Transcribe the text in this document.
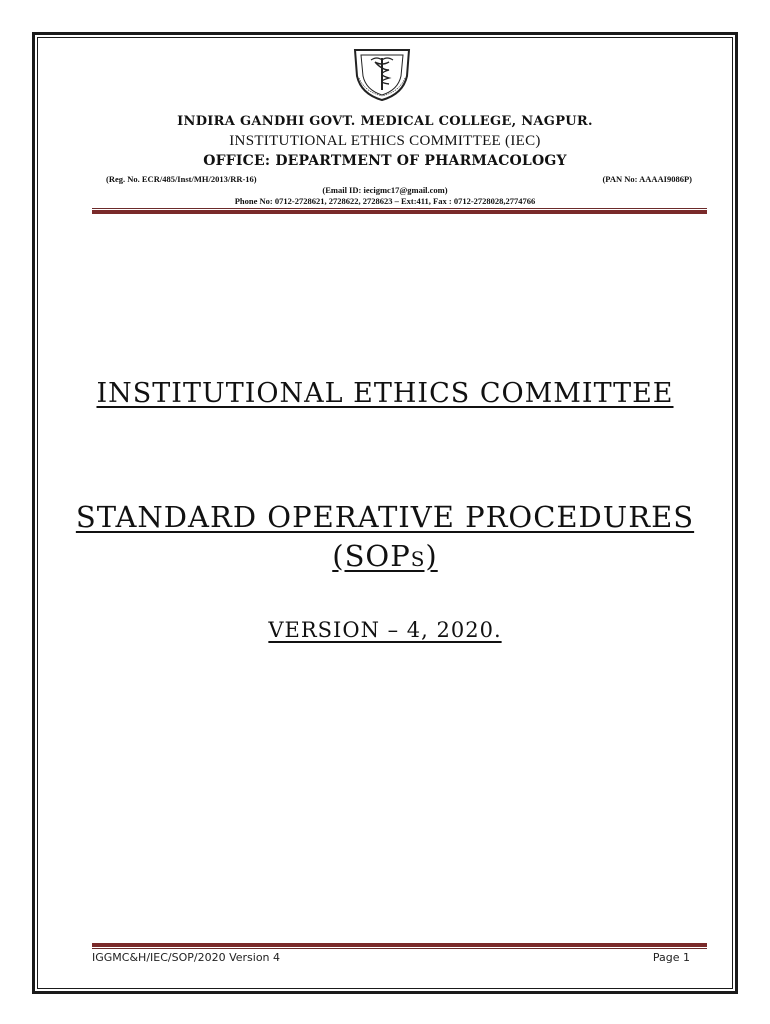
INDIRA GANDHI GOVT. MEDICAL COLLEGE, NAGPUR.
INSTITUTIONAL ETHICS COMMITTEE (IEC)
OFFICE: DEPARTMENT OF PHARMACOLOGY
(Reg. No. ECR/485/Inst/MH/2013/RR-16)	(PAN No: AAAAI9086P)
(Email ID: iecigmc17@gmail.com)
Phone No: 0712-2728621, 2728622, 2728623 – Ext:411, Fax : 0712-2728028,2774766
INSTITUTIONAL ETHICS COMMITTEE
STANDARD OPERATIVE PROCEDURES
(SOPs)
VERSION – 4, 2020.
IGGMC&H/IEC/SOP/2020 Version 4	Page 1
